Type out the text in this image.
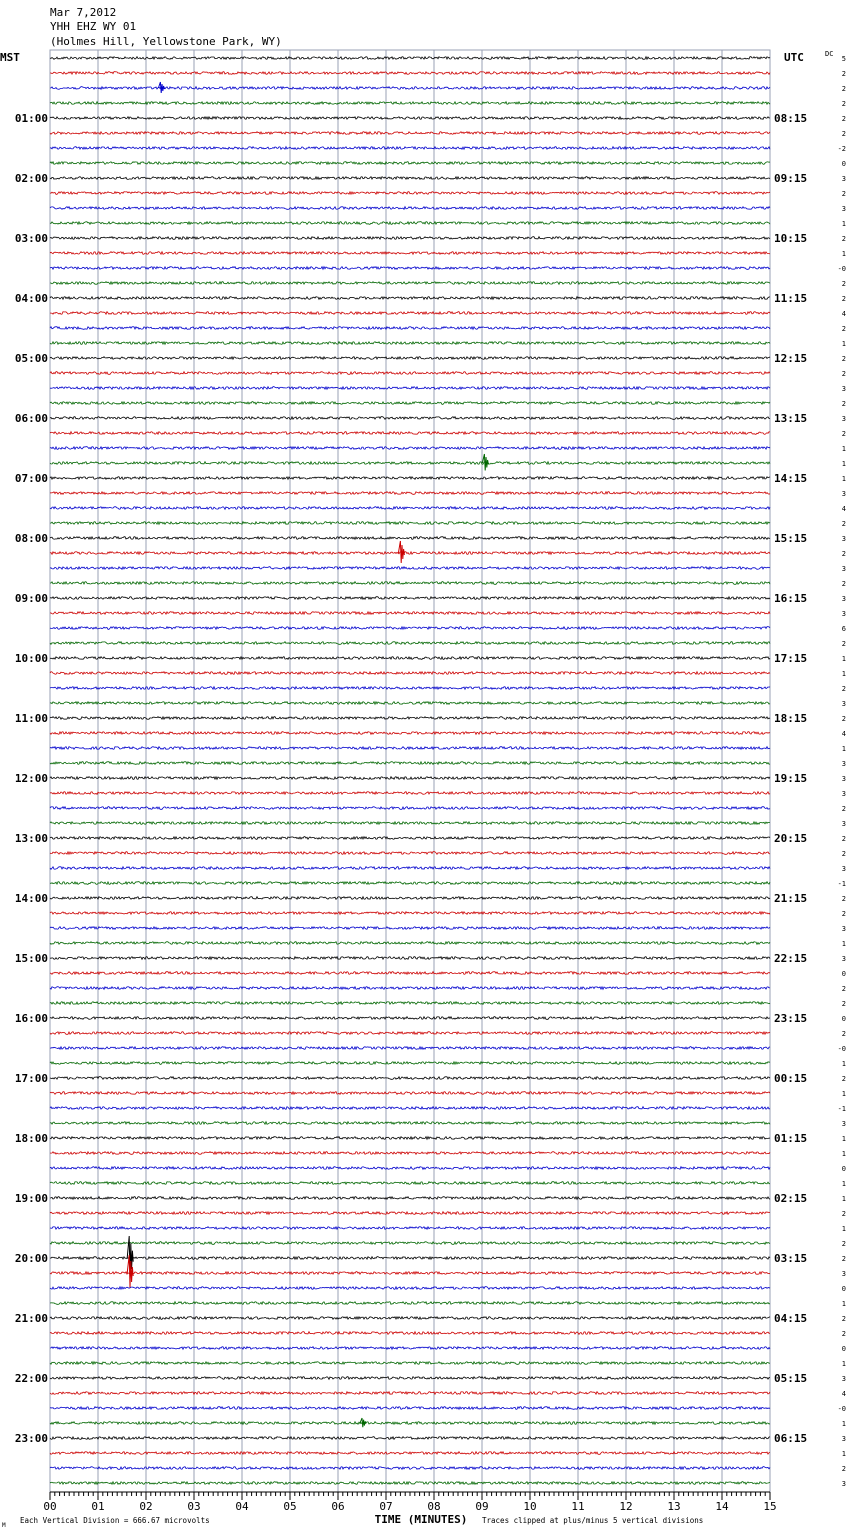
Mar 7,2012
YHH EHZ WY 01
(Holmes Hill, Yellowstone Park, WY)
MST	UTC	DC
01:00
02:00
03:00
04:00
05:00
06:00
07:00
08:00
09:00
10:00
11:00
12:00
13:00
14:00
15:00
16:00
17:00
18:00
19:00
20:00
21:00
22:00
23:00
08:15
09:15
10:15
11:15
12:15
13:15
14:15
15:15
16:15
17:15
18:15
19:15
20:15
21:15
22:15
23:15
00:15
01:15
02:15
03:15
04:15
05:15
06:15
5
2
2
2
2
2
-2
0
3
2
3
1
2
1
-0
2
2
4
2
1
2
2
3
2
3
2
1
1
1
3
4
2
3
2
3
2
3
3
6
2
1
1
2
3
2
4
1
3
3
3
2
3
2
2
3
-1
2
2
3
1
3
0
2
2
0
2
-0
1
2
1
-1
3
1
1
0
1
1
2
1
2
2
3
0
1
2
2
0
1
3
4
-0
1
3
1
2
3
00	01	02	03	04	05	06	07	08	09	10	11	12	13	14	15
TIME (MINUTES)
Each Vertical Division = 666.67 microvolts	Traces clipped at plus/minus 5 vertical divisions
M
